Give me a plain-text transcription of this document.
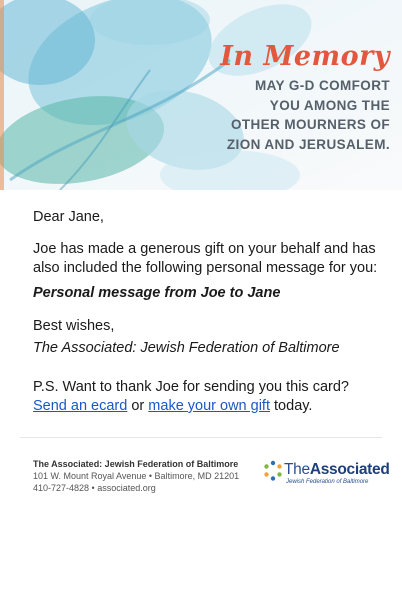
In Memory
MAY G-D COMFORT
YOU AMONG THE
OTHER MOURNERS OF
ZION AND JERUSALEM.

Dear Jane,

Joe has made a generous gift on your behalf and has also included the following personal message for you:

Personal message from Joe to Jane

Best wishes,

The Associated: Jewish Federation of Baltimore

P.S. Want to thank Joe for sending you this card? Send an ecard or make your own gift today.

The Associated: Jewish Federation of Baltimore
101 W. Mount Royal Avenue • Baltimore, MD 21201
410-727-4828 • associated.org
TheAssociated
Jewish Federation of Baltimore
